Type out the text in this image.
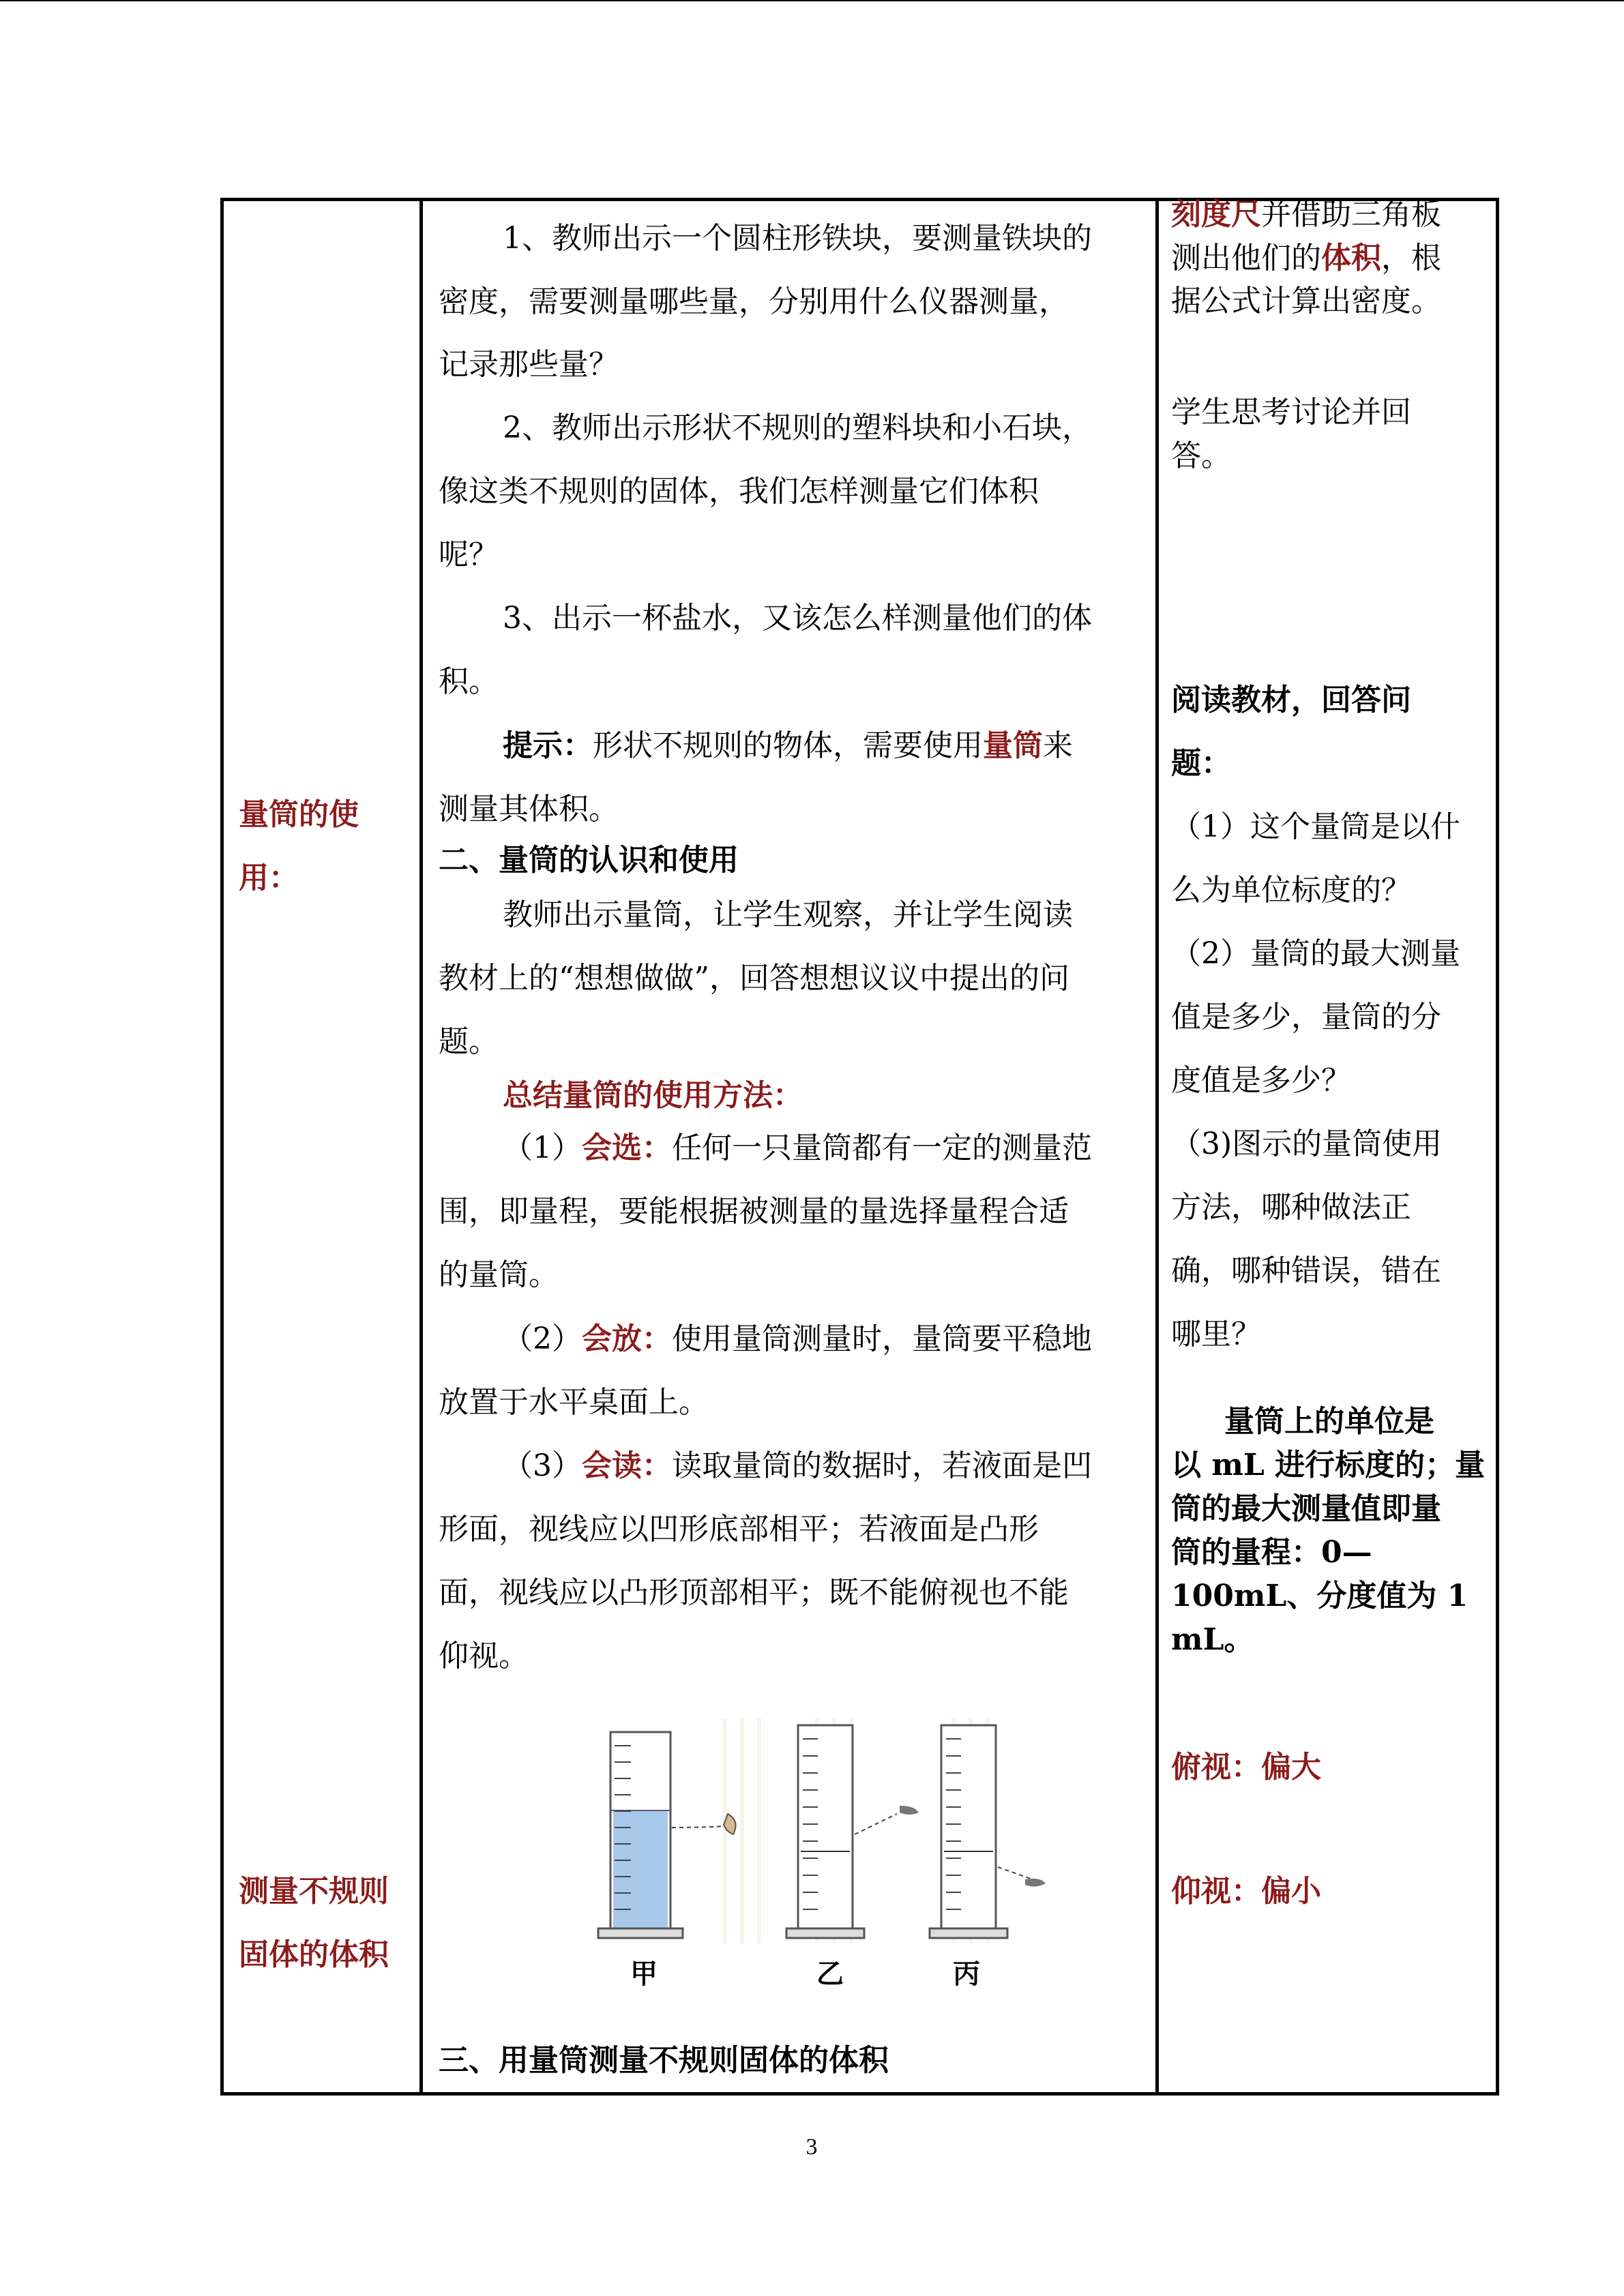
量筒的使
用：
测量不规则
固体的体积
1、教师出示一个圆柱形铁块，要测量铁块的
密度，需要测量哪些量，分别用什么仪器测量，
记录那些量？
2、教师出示形状不规则的塑料块和小石块，
像这类不规则的固体，我们怎样测量它们体积
呢？
3、出示一杯盐水，又该怎么样测量他们的体
积。
提示：形状不规则的物体，需要使用量筒来
测量其体积。
二、量筒的认识和使用
教师出示量筒，让学生观察，并让学生阅读
教材上的“想想做做”，回答想想议议中提出的问
题。
总结量筒的使用方法：
（1）会选：任何一只量筒都有一定的测量范
围，即量程，要能根据被测量的量选择量程合适
的量筒。
（2）会放：使用量筒测量时，量筒要平稳地
放置于水平桌面上。
（3）会读：读取量筒的数据时，若液面是凹
形面，视线应以凹形底部相平；若液面是凸形
面，视线应以凸形顶部相平；既不能俯视也不能
仰视。
甲	乙	丙
三、用量筒测量不规则固体的体积
刻度尺并借助三角板
测出他们的体积，根
据公式计算出密度。
学生思考讨论并回
答。
阅读教材，回答问
题：
（1）这个量筒是以什
么为单位标度的？
（2）量筒的最大测量
值是多少，量筒的分
度值是多少？
（3)图示的量筒使用
方法，哪种做法正
确，哪种错误，错在
哪里？
量筒上的单位是
以 mL 进行标度的；量
筒的最大测量值即量
筒的量程：0—
100mL、分度值为 1
mL。
俯视：偏大
仰视：偏小
3
